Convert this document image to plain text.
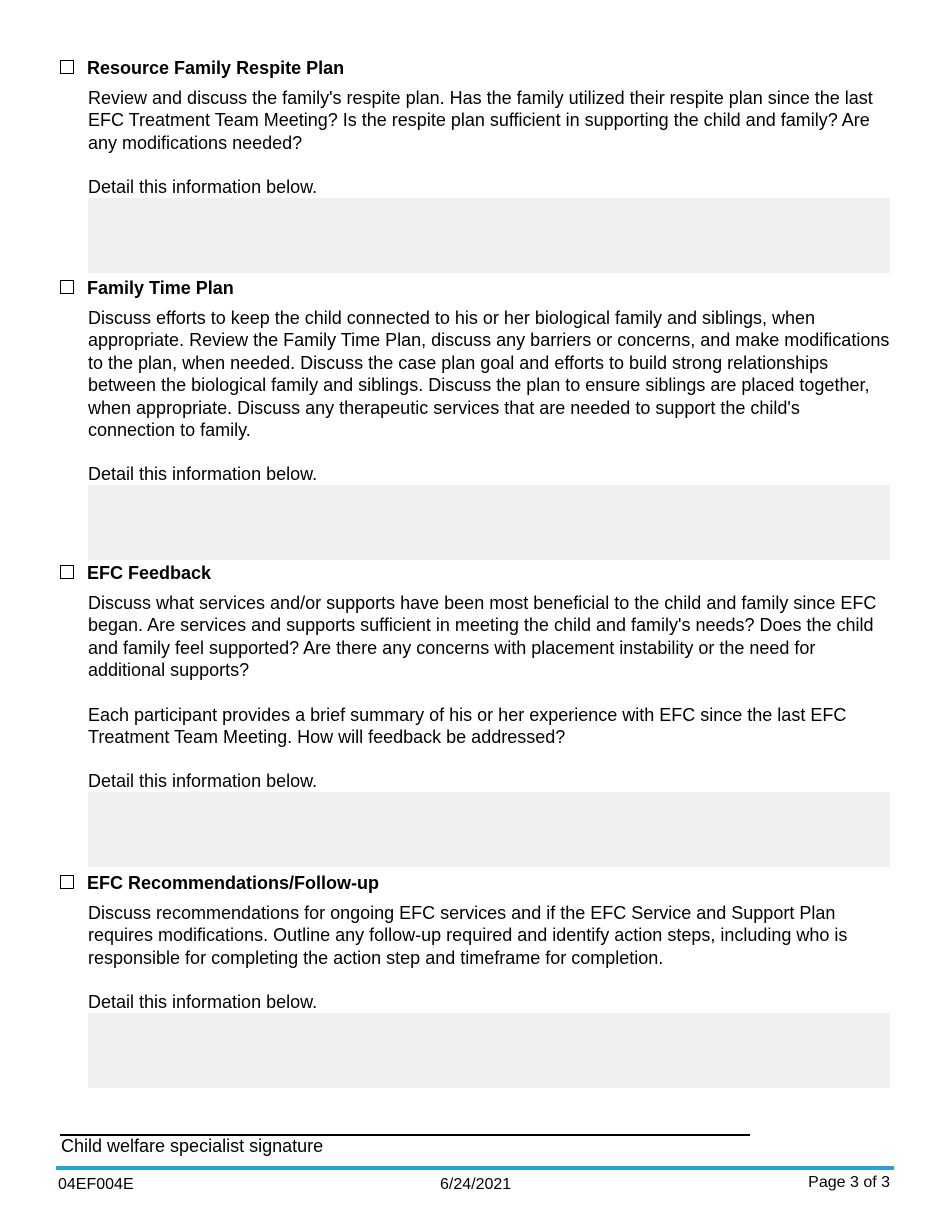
Resource Family Respite Plan
Review and discuss the family's respite plan. Has the family utilized their respite plan since the last EFC Treatment Team Meeting? Is the respite plan sufficient in supporting the child and family? Are any modifications needed?
Detail this information below.
Family Time Plan
Discuss efforts to keep the child connected to his or her biological family and siblings, when appropriate. Review the Family Time Plan, discuss any barriers or concerns, and make modifications to the plan, when needed. Discuss the case plan goal and efforts to build strong relationships between the biological family and siblings. Discuss the plan to ensure siblings are placed together, when appropriate. Discuss any therapeutic services that are needed to support the child's connection to family.
Detail this information below.
EFC Feedback
Discuss what services and/or supports have been most beneficial to the child and family since EFC began. Are services and supports sufficient in meeting the child and family's needs? Does the child and family feel supported? Are there any concerns with placement instability or the need for additional supports?
Each participant provides a brief summary of his or her experience with EFC since the last EFC Treatment Team Meeting. How will feedback be addressed?
Detail this information below.
EFC Recommendations/Follow-up
Discuss recommendations for ongoing EFC services and if the EFC Service and Support Plan requires modifications. Outline any follow-up required and identify action steps, including who is responsible for completing the action step and timeframe for completion.
Detail this information below.
Child welfare specialist signature
04EF004E	6/24/2021	Page 3 of 3
